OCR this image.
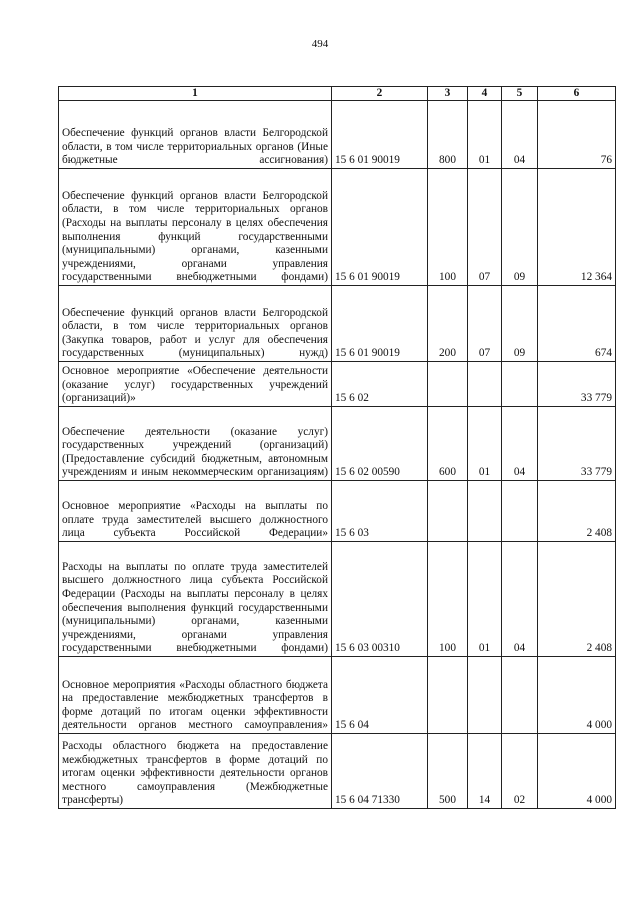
494
1	2	3	4	5	6
Обеспечение функций органов власти Белгородской области, в том числе территориальных органов (Иные бюджетные ассигнования)	15 6 01 90019	800	01	04	76
Обеспечение функций органов власти Белгородской области, в том числе территориальных органов (Расходы на выплаты персоналу в целях обеспечения выполнения функций государственными (муниципальными) органами, казенными учреждениями, органами управления государственными внебюджетными фондами)	15 6 01 90019	100	07	09	12 364
Обеспечение функций органов власти Белгородской области, в том числе территориальных органов (Закупка товаров, работ и услуг для обеспечения государственных (муниципальных) нужд)	15 6 01 90019	200	07	09	674
Основное мероприятие «Обеспечение деятельности (оказание услуг) государственных учреждений (организаций)»	15 6 02				33 779
Обеспечение деятельности (оказание услуг) государственных учреждений (организаций) (Предоставление субсидий бюджетным, автономным учреждениям и иным некоммерческим организациям)	15 6 02 00590	600	01	04	33 779
Основное мероприятие «Расходы на выплаты по оплате труда заместителей высшего должностного лица субъекта Российской Федерации»	15 6 03				2 408
Расходы на выплаты по оплате труда заместителей высшего должностного лица субъекта Российской Федерации (Расходы на выплаты персоналу в целях обеспечения выполнения функций государственными (муниципальными) органами, казенными учреждениями, органами управления государственными внебюджетными фондами)	15 6 03 00310	100	01	04	2 408
Основное мероприятия «Расходы областного бюджета на предоставление межбюджетных трансфертов в форме дотаций по итогам оценки эффективности деятельности органов местного самоуправления»	15 6 04				4 000
Расходы областного бюджета на предоставление межбюджетных трансфертов в форме дотаций по итогам оценки эффективности деятельности органов местного самоуправления (Межбюджетные трансферты)	15 6 04 71330	500	14	02	4 000
